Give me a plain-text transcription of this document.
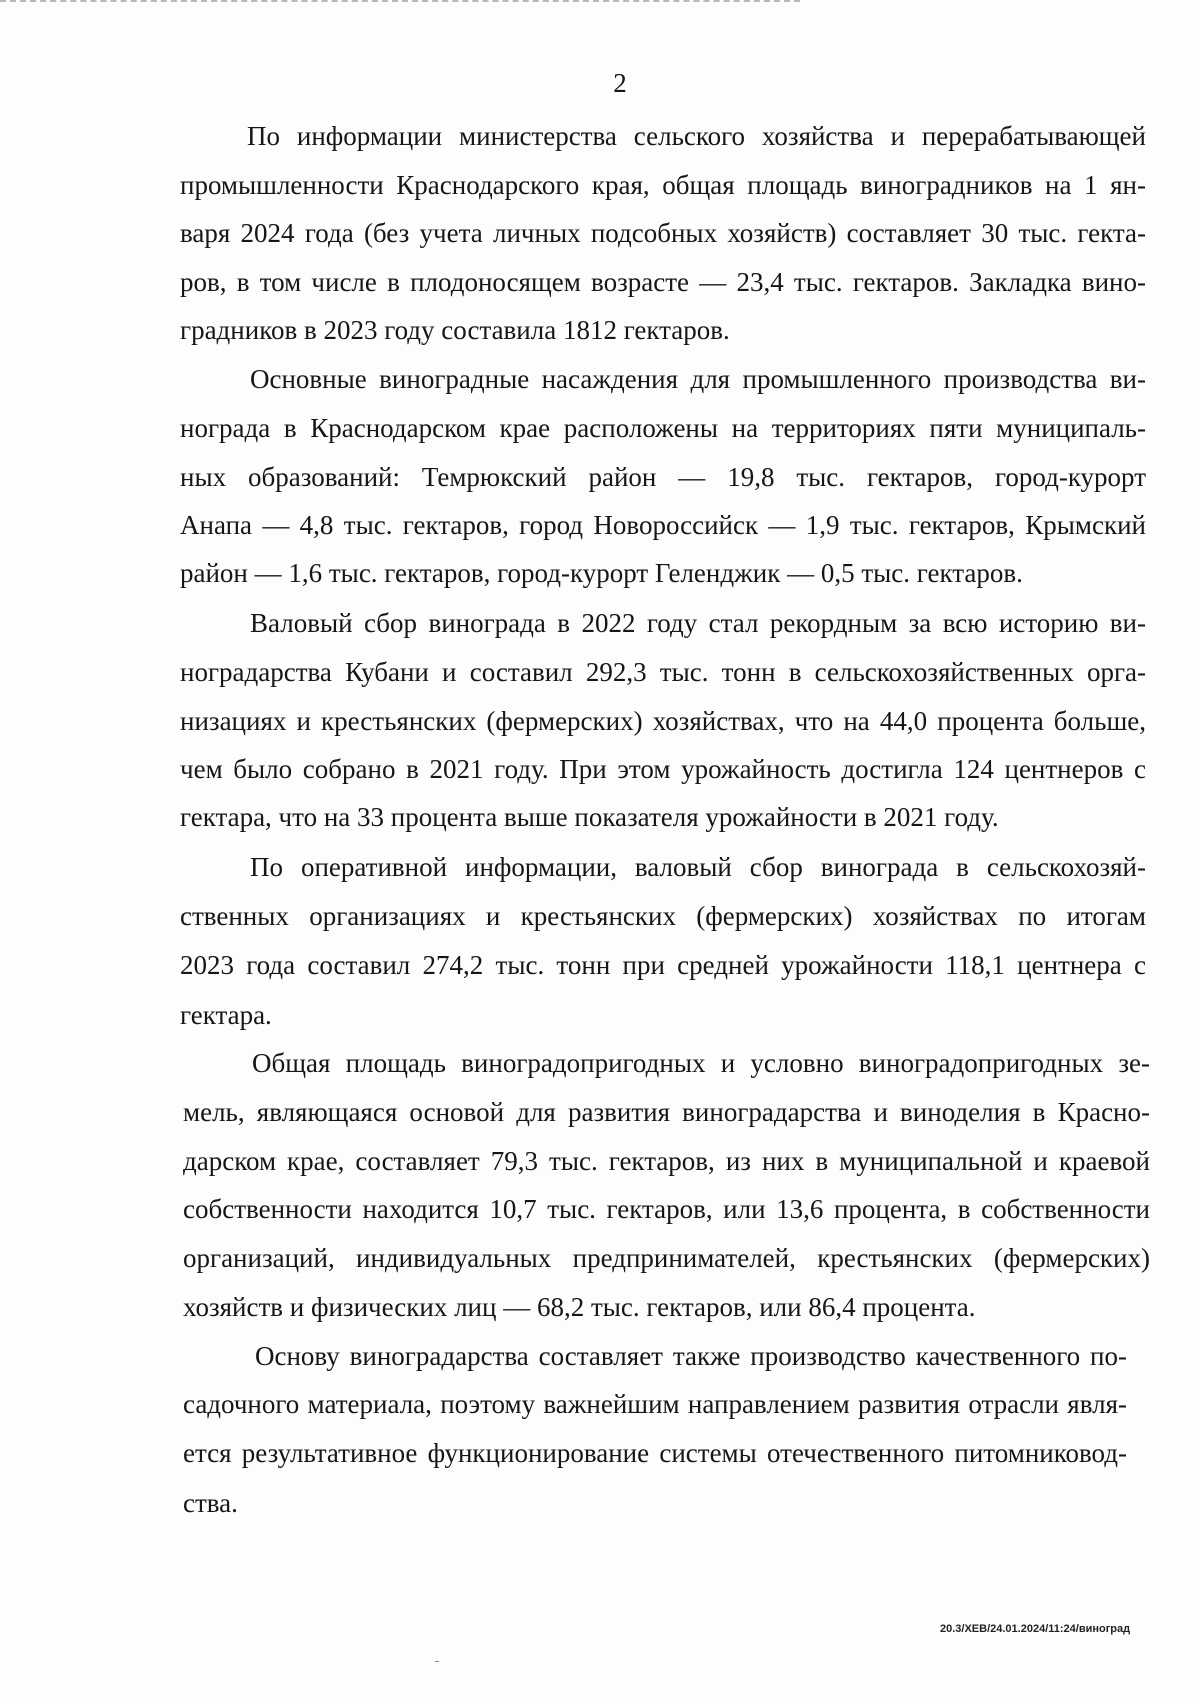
2
По информации министерства сельского хозяйства и перерабатывающей
промышленности Краснодарского края, общая площадь виноградников на 1 ян-
варя 2024 года (без учета личных подсобных хозяйств) составляет 30 тыс. гекта-
ров, в том числе в плодоносящем возрасте — 23,4 тыс. гектаров. Закладка вино-
градников в 2023 году составила 1812 гектаров.
Основные виноградные насаждения для промышленного производства ви-
нограда в Краснодарском крае расположены на территориях пяти муниципаль-
ных образований: Темрюкский район — 19,8 тыс. гектаров, город-курорт
Анапа — 4,8 тыс. гектаров, город Новороссийск — 1,9 тыс. гектаров, Крымский
район — 1,6 тыс. гектаров, город-курорт Геленджик — 0,5 тыс. гектаров.
Валовый сбор винограда в 2022 году стал рекордным за всю историю ви-
ноградарства Кубани и составил 292,3 тыс. тонн в сельскохозяйственных орга-
низациях и крестьянских (фермерских) хозяйствах, что на 44,0 процента больше,
чем было собрано в 2021 году. При этом урожайность достигла 124 центнеров с
гектара, что на 33 процента выше показателя урожайности в 2021 году.
По оперативной информации, валовый сбор винограда в сельскохозяй-
ственных организациях и крестьянских (фермерских) хозяйствах по итогам
2023 года составил 274,2 тыс. тонн при средней урожайности 118,1 центнера с
гектара.
Общая площадь виноградопригодных и условно виноградопригодных зе-
мель, являющаяся основой для развития виноградарства и виноделия в Красно-
дарском крае, составляет 79,3 тыс. гектаров, из них в муниципальной и краевой
собственности находится 10,7 тыс. гектаров, или 13,6 процента, в собственности
организаций, индивидуальных предпринимателей, крестьянских (фермерских)
хозяйств и физических лиц — 68,2 тыс. гектаров, или 86,4 процента.
Основу виноградарства составляет также производство качественного по-
садочного материала, поэтому важнейшим направлением развития отрасли явля-
ется результативное функционирование системы отечественного питомниковод-
ства.
20.3/ХЕВ/24.01.2024/11:24/виноград
